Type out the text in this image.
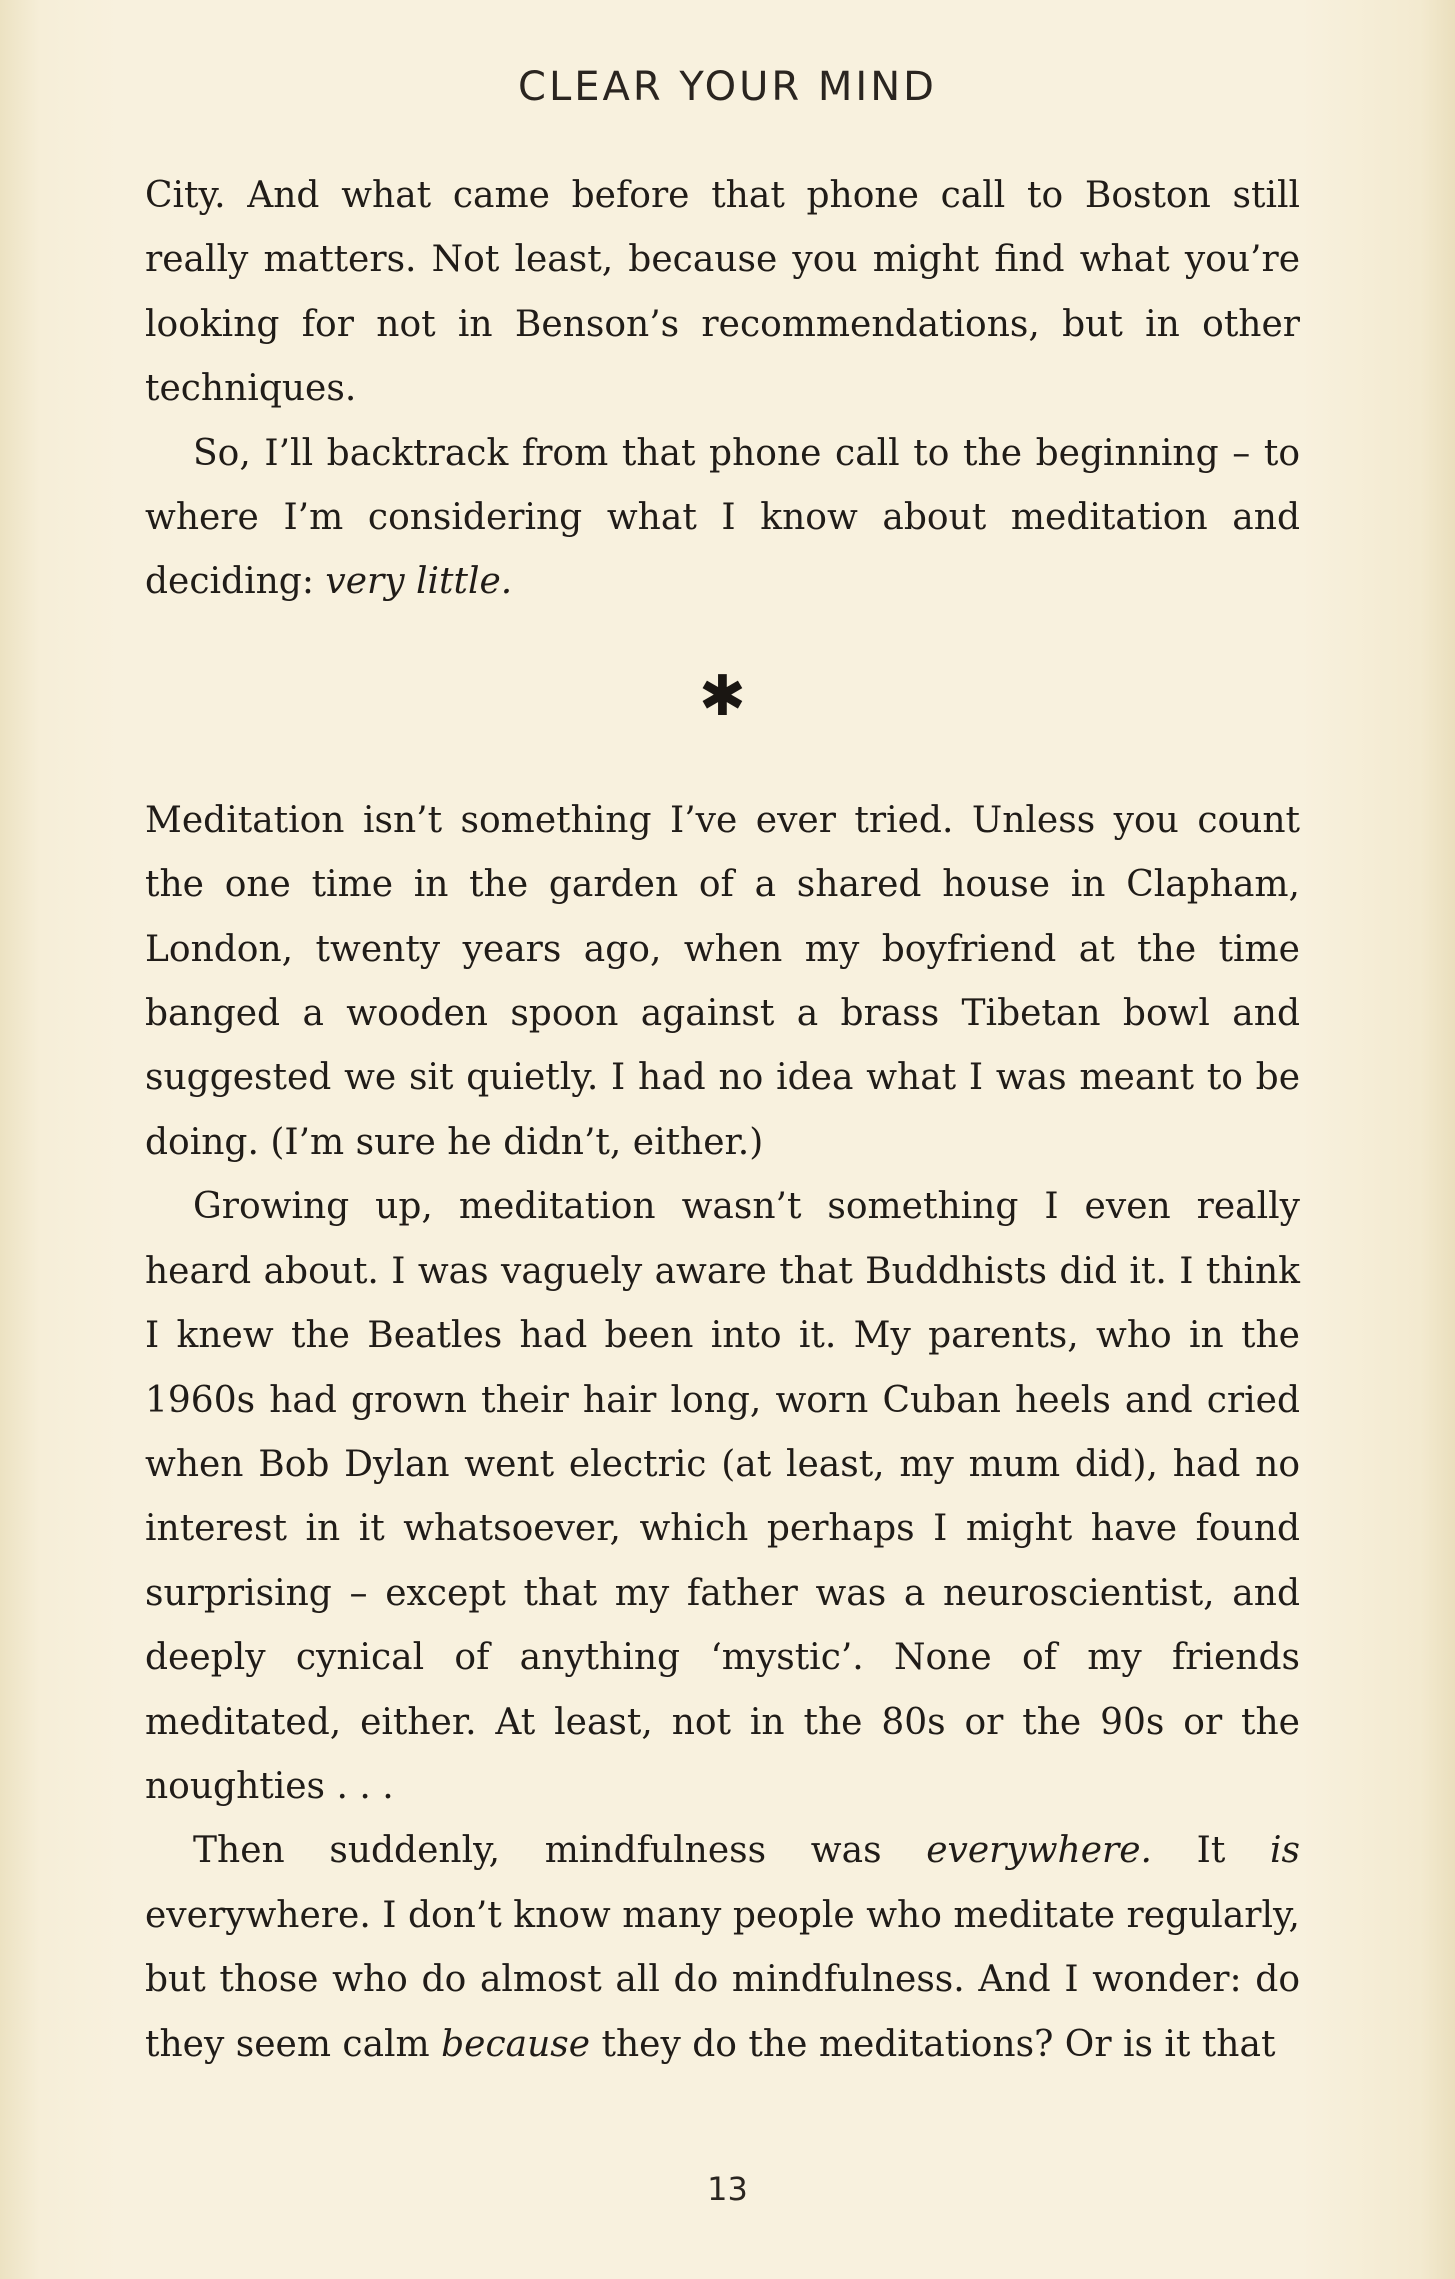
CLEAR YOUR MIND

City. And what came before that phone call to Boston still really matters. Not least, because you might find what you’re looking for not in Benson’s recommendations, but in other techniques.

So, I’ll backtrack from that phone call to the beginning – to where I’m considering what I know about meditation and deciding: very little.

✱

Meditation isn’t something I’ve ever tried. Unless you count the one time in the garden of a shared house in Clapham, London, twenty years ago, when my boyfriend at the time banged a wooden spoon against a brass Tibetan bowl and suggested we sit quietly. I had no idea what I was meant to be doing. (I’m sure he didn’t, either.)

Growing up, meditation wasn’t something I even really heard about. I was vaguely aware that Buddhists did it. I think I knew the Beatles had been into it. My parents, who in the 1960s had grown their hair long, worn Cuban heels and cried when Bob Dylan went electric (at least, my mum did), had no interest in it whatsoever, which perhaps I might have found surprising – except that my father was a neuroscientist, and deeply cynical of anything ‘mystic’. None of my friends meditated, either. At least, not in the 80s or the 90s or the noughties . . .

Then suddenly, mindfulness was everywhere. It is everywhere. I don’t know many people who meditate regularly, but those who do almost all do mindfulness. And I wonder: do they seem calm because they do the meditations? Or is it that

13
